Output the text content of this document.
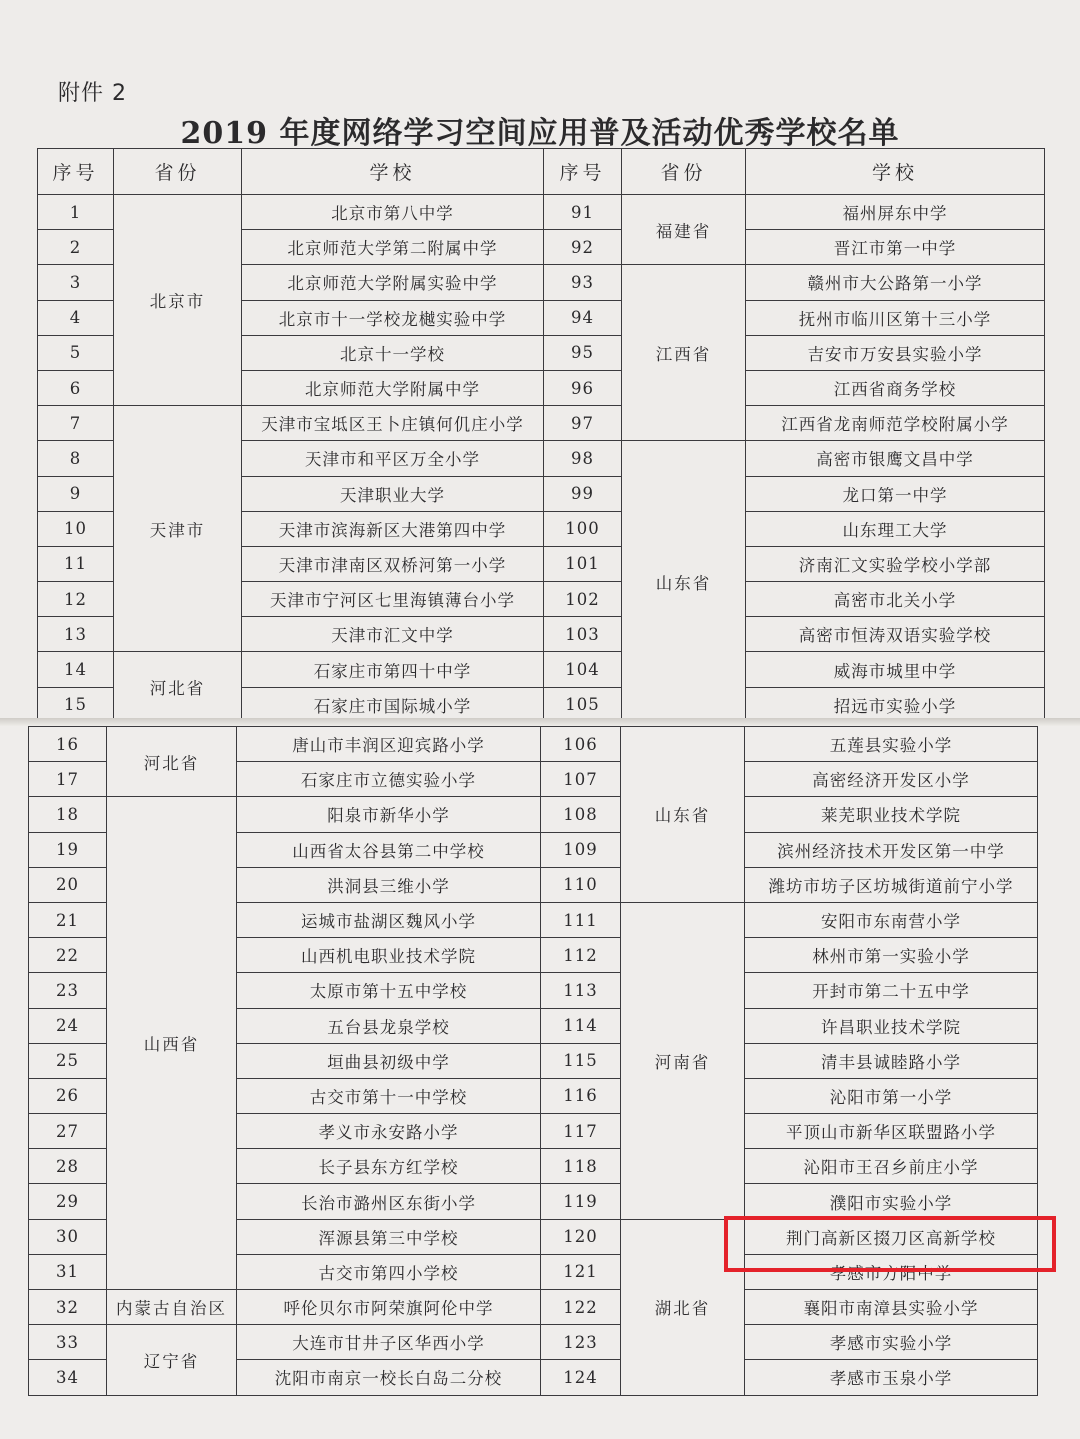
附件 2
2019 年度网络学习空间应用普及活动优秀学校名单
序号	省份	学校	序号	省份	学校
1	北京市	北京市第八中学	91	福建省	福州屏东中学
2		北京师范大学第二附属中学	92		晋江市第一中学
3		北京师范大学附属实验中学	93	江西省	赣州市大公路第一小学
4		北京市十一学校龙樾实验中学	94		抚州市临川区第十三小学
5		北京十一学校	95		吉安市万安县实验小学
6		北京师范大学附属中学	96		江西省商务学校
7	天津市	天津市宝坻区王卜庄镇何仉庄小学	97		江西省龙南师范学校附属小学
8		天津市和平区万全小学	98	山东省	高密市银鹰文昌中学
9		天津职业大学	99		龙口第一中学
10		天津市滨海新区大港第四中学	100		山东理工大学
11		天津市津南区双桥河第一小学	101		济南汇文实验学校小学部
12		天津市宁河区七里海镇薄台小学	102		高密市北关小学
13		天津市汇文中学	103		高密市恒涛双语实验学校
14	河北省	石家庄市第四十中学	104		威海市城里中学
15		石家庄市国际城小学	105		招远市实验小学
16	河北省	唐山市丰润区迎宾路小学	106	山东省	五莲县实验小学
17		石家庄市立德实验小学	107		高密经济开发区小学
18	山西省	阳泉市新华小学	108		莱芜职业技术学院
19		山西省太谷县第二中学校	109		滨州经济技术开发区第一中学
20		洪洞县三维小学	110		潍坊市坊子区坊城街道前宁小学
21		运城市盐湖区魏风小学	111	河南省	安阳市东南营小学
22		山西机电职业技术学院	112		林州市第一实验小学
23		太原市第十五中学校	113		开封市第二十五中学
24		五台县龙泉学校	114		许昌职业技术学院
25		垣曲县初级中学	115		清丰县诚睦路小学
26		古交市第十一中学校	116		沁阳市第一小学
27		孝义市永安路小学	117		平顶山市新华区联盟路小学
28		长子县东方红学校	118		沁阳市王召乡前庄小学
29		长治市潞州区东街小学	119		濮阳市实验小学
30		浑源县第三中学校	120	湖北省	荆门高新区掇刀区高新学校
31		古交市第四小学校	121		孝感市方阳中学
32	内蒙古自治区	呼伦贝尔市阿荣旗阿伦中学	122		襄阳市南漳县实验小学
33	辽宁省	大连市甘井子区华西小学	123		孝感市实验小学
34		沈阳市南京一校长白岛二分校	124		孝感市玉泉小学
